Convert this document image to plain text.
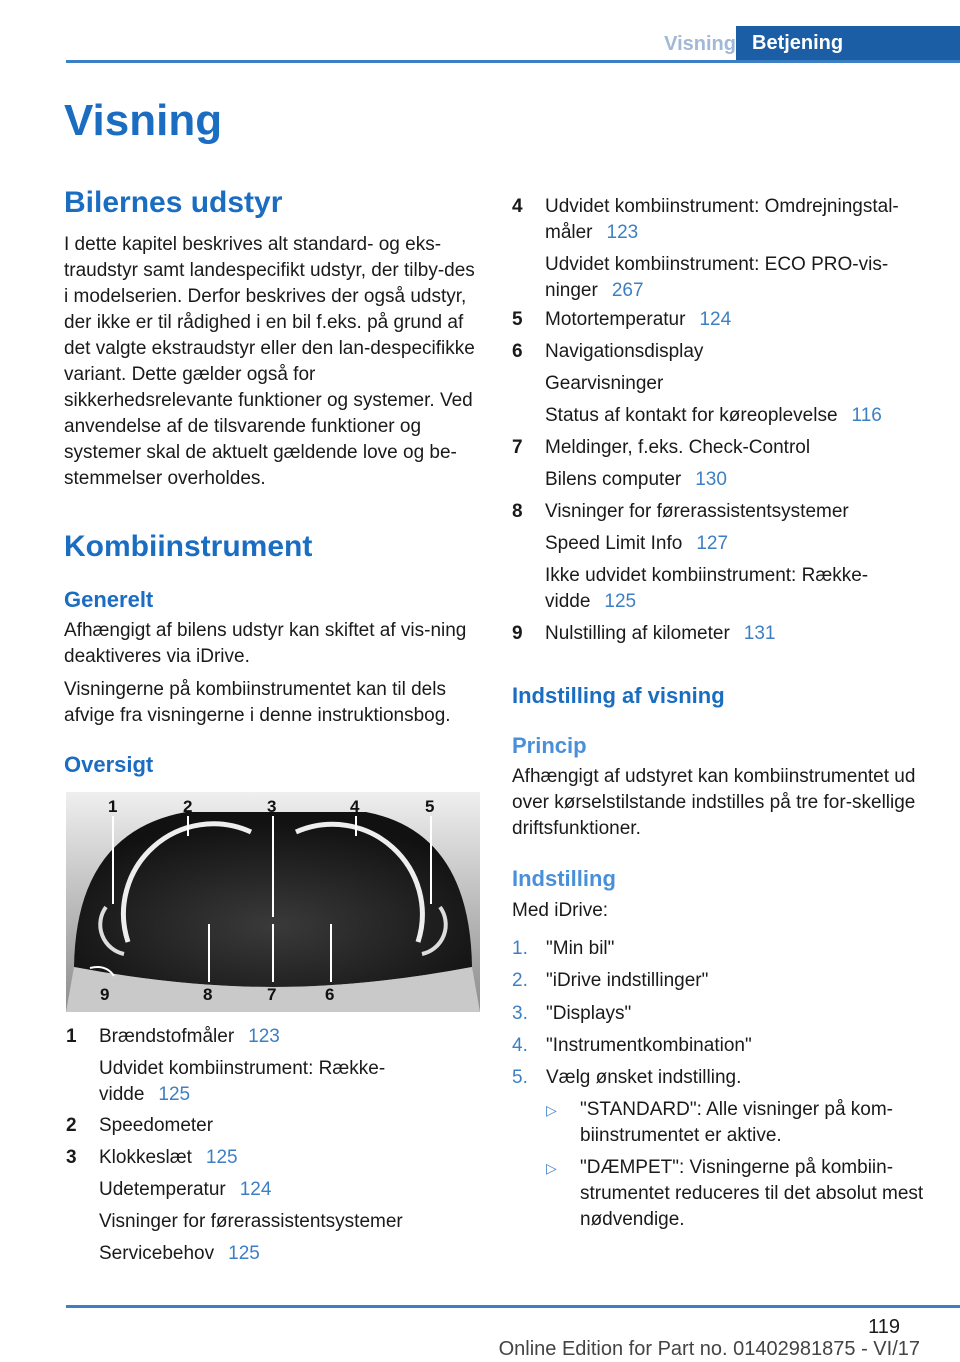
Visning Betjening
Visning
Bilernes udstyr
I dette kapitel beskrives alt standard- og eks-traudstyr samt landespecifikt udstyr, der tilby-des i modelserien. Derfor beskrives der også udstyr, der ikke er til rådighed i en bil f.eks. på grund af det valgte ekstraudstyr eller den lan-despecifikke variant. Dette gælder også for sikkerhedsrelevante funktioner og systemer. Ved anvendelse af de tilsvarende funktioner og systemer skal de aktuelt gældende love og be-stemmelser overholdes.
Kombiinstrument
Generelt

Afhængigt af bilens udstyr kan skiftet af vis-ning deaktiveres via iDrive.

Visningerne på kombiinstrumentet kan til dels afvige fra visningerne i denne instruktionsbog.

Oversigt
1	2	3	4	5
9	8	7	6
1 Brændstofmåler 123
Udvidet kombiinstrument: Række-vidde 125
2 Speedometer
3 Klokkeslæt 125
Udetemperatur 124
Visninger for førerassistentsystemer
Servicebehov 125
4 Udvidet kombiinstrument: Omdrejningstal-måler 123
Udvidet kombiinstrument: ECO PRO-vis-ninger 267
5 Motortemperatur 124
6 Navigationsdisplay
Gearvisninger
Status af kontakt for køreoplevelse 116
7 Meldinger, f.eks. Check-Control
Bilens computer 130
8 Visninger for førerassistentsystemer
Speed Limit Info 127
Ikke udvidet kombiinstrument: Række-vidde 125
9 Nulstilling af kilometer 131
Indstilling af visning
Princip
Afhængigt af udstyret kan kombiinstrumentet ud over kørselstilstande indstilles på tre for-skellige driftsfunktioner.
Indstilling
Med iDrive:
1. "Min bil"
2. "iDrive indstillinger"
3. "Displays"
4. "Instrumentkombination"
5. Vælg ønsket indstilling.
▷ "STANDARD": Alle visninger på kom-biinstrumentet er aktive.
▷ "DÆMPET": Visningerne på kombiin-strumentet reduceres til det absolut mest nødvendige.
119
Online Edition for Part no. 01402981875 - VI/17
